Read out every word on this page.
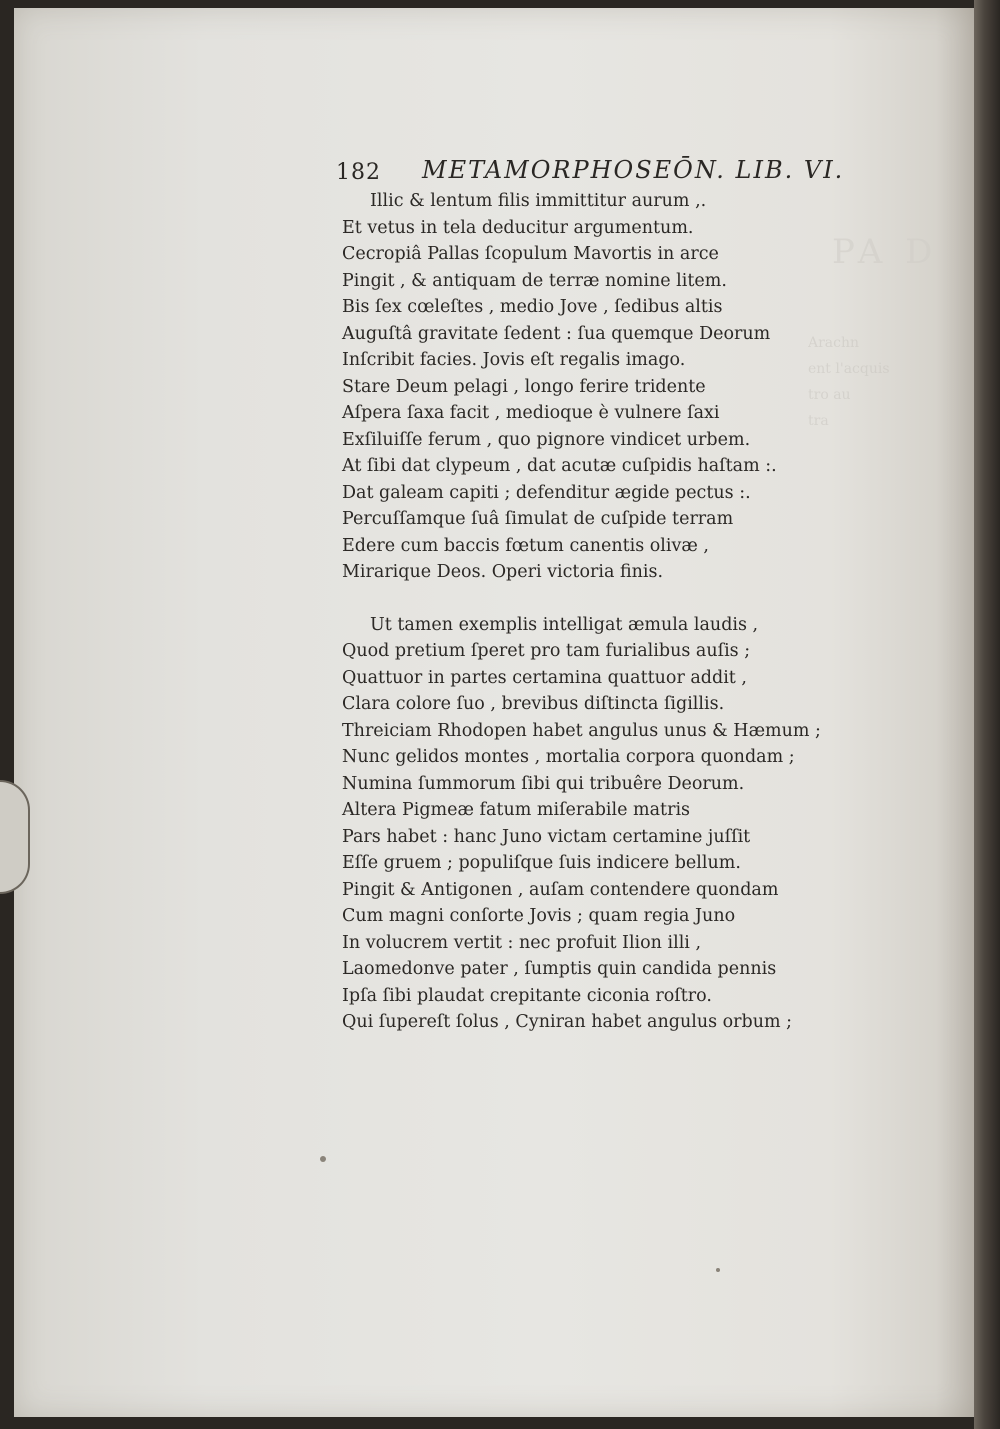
PA D
Arachn
ent l'acquis
tro au
tra
182 METAMORPHOSEŌN. LIB. VI.
Illic & lentum filis immittitur aurum ,.
Et vetus in tela deducitur argumentum.
Cecropiâ Pallas ſcopulum Mavortis in arce
Pingit , & antiquam de terræ nomine litem.
Bis ſex cœleſtes , medio Jove , ſedibus altis
Auguſtâ gravitate ſedent : ſua quemque Deorum
Inſcribit facies. Jovis eſt regalis imago.
Stare Deum pelagi , longo ferire tridente
Aſpera ſaxa facit , medioque è vulnere ſaxi
Exſiluiſſe ferum , quo pignore vindicet urbem.
At ſibi dat clypeum , dat acutæ cuſpidis haſtam :.
Dat galeam capiti ; defenditur ægide pectus :.
Percuſſamque ſuâ ſimulat de cuſpide terram
Edere cum baccis fœtum canentis olivæ ,
Mirarique Deos. Operi victoria finis.
Ut tamen exemplis intelligat æmula laudis ,
Quod pretium ſperet pro tam furialibus auſis ;
Quattuor in partes certamina quattuor addit ,
Clara colore ſuo , brevibus diſtincta ſigillis.
Threiciam Rhodopen habet angulus unus & Hæmum ;
Nunc gelidos montes , mortalia corpora quondam ;
Numina ſummorum ſibi qui tribuêre Deorum.
Altera Pigmeæ fatum miſerabile matris
Pars habet : hanc Juno victam certamine juſſit
Eſſe gruem ; populiſque ſuis indicere bellum.
Pingit & Antigonen , auſam contendere quondam
Cum magni conſorte Jovis ; quam regia Juno
In volucrem vertit : nec profuit Ilion illi ,
Laomedonve pater , ſumptis quin candida pennis
Ipſa ſibi plaudat crepitante ciconia roſtro.
Qui ſupereſt ſolus , Cyniran habet angulus orbum ;
